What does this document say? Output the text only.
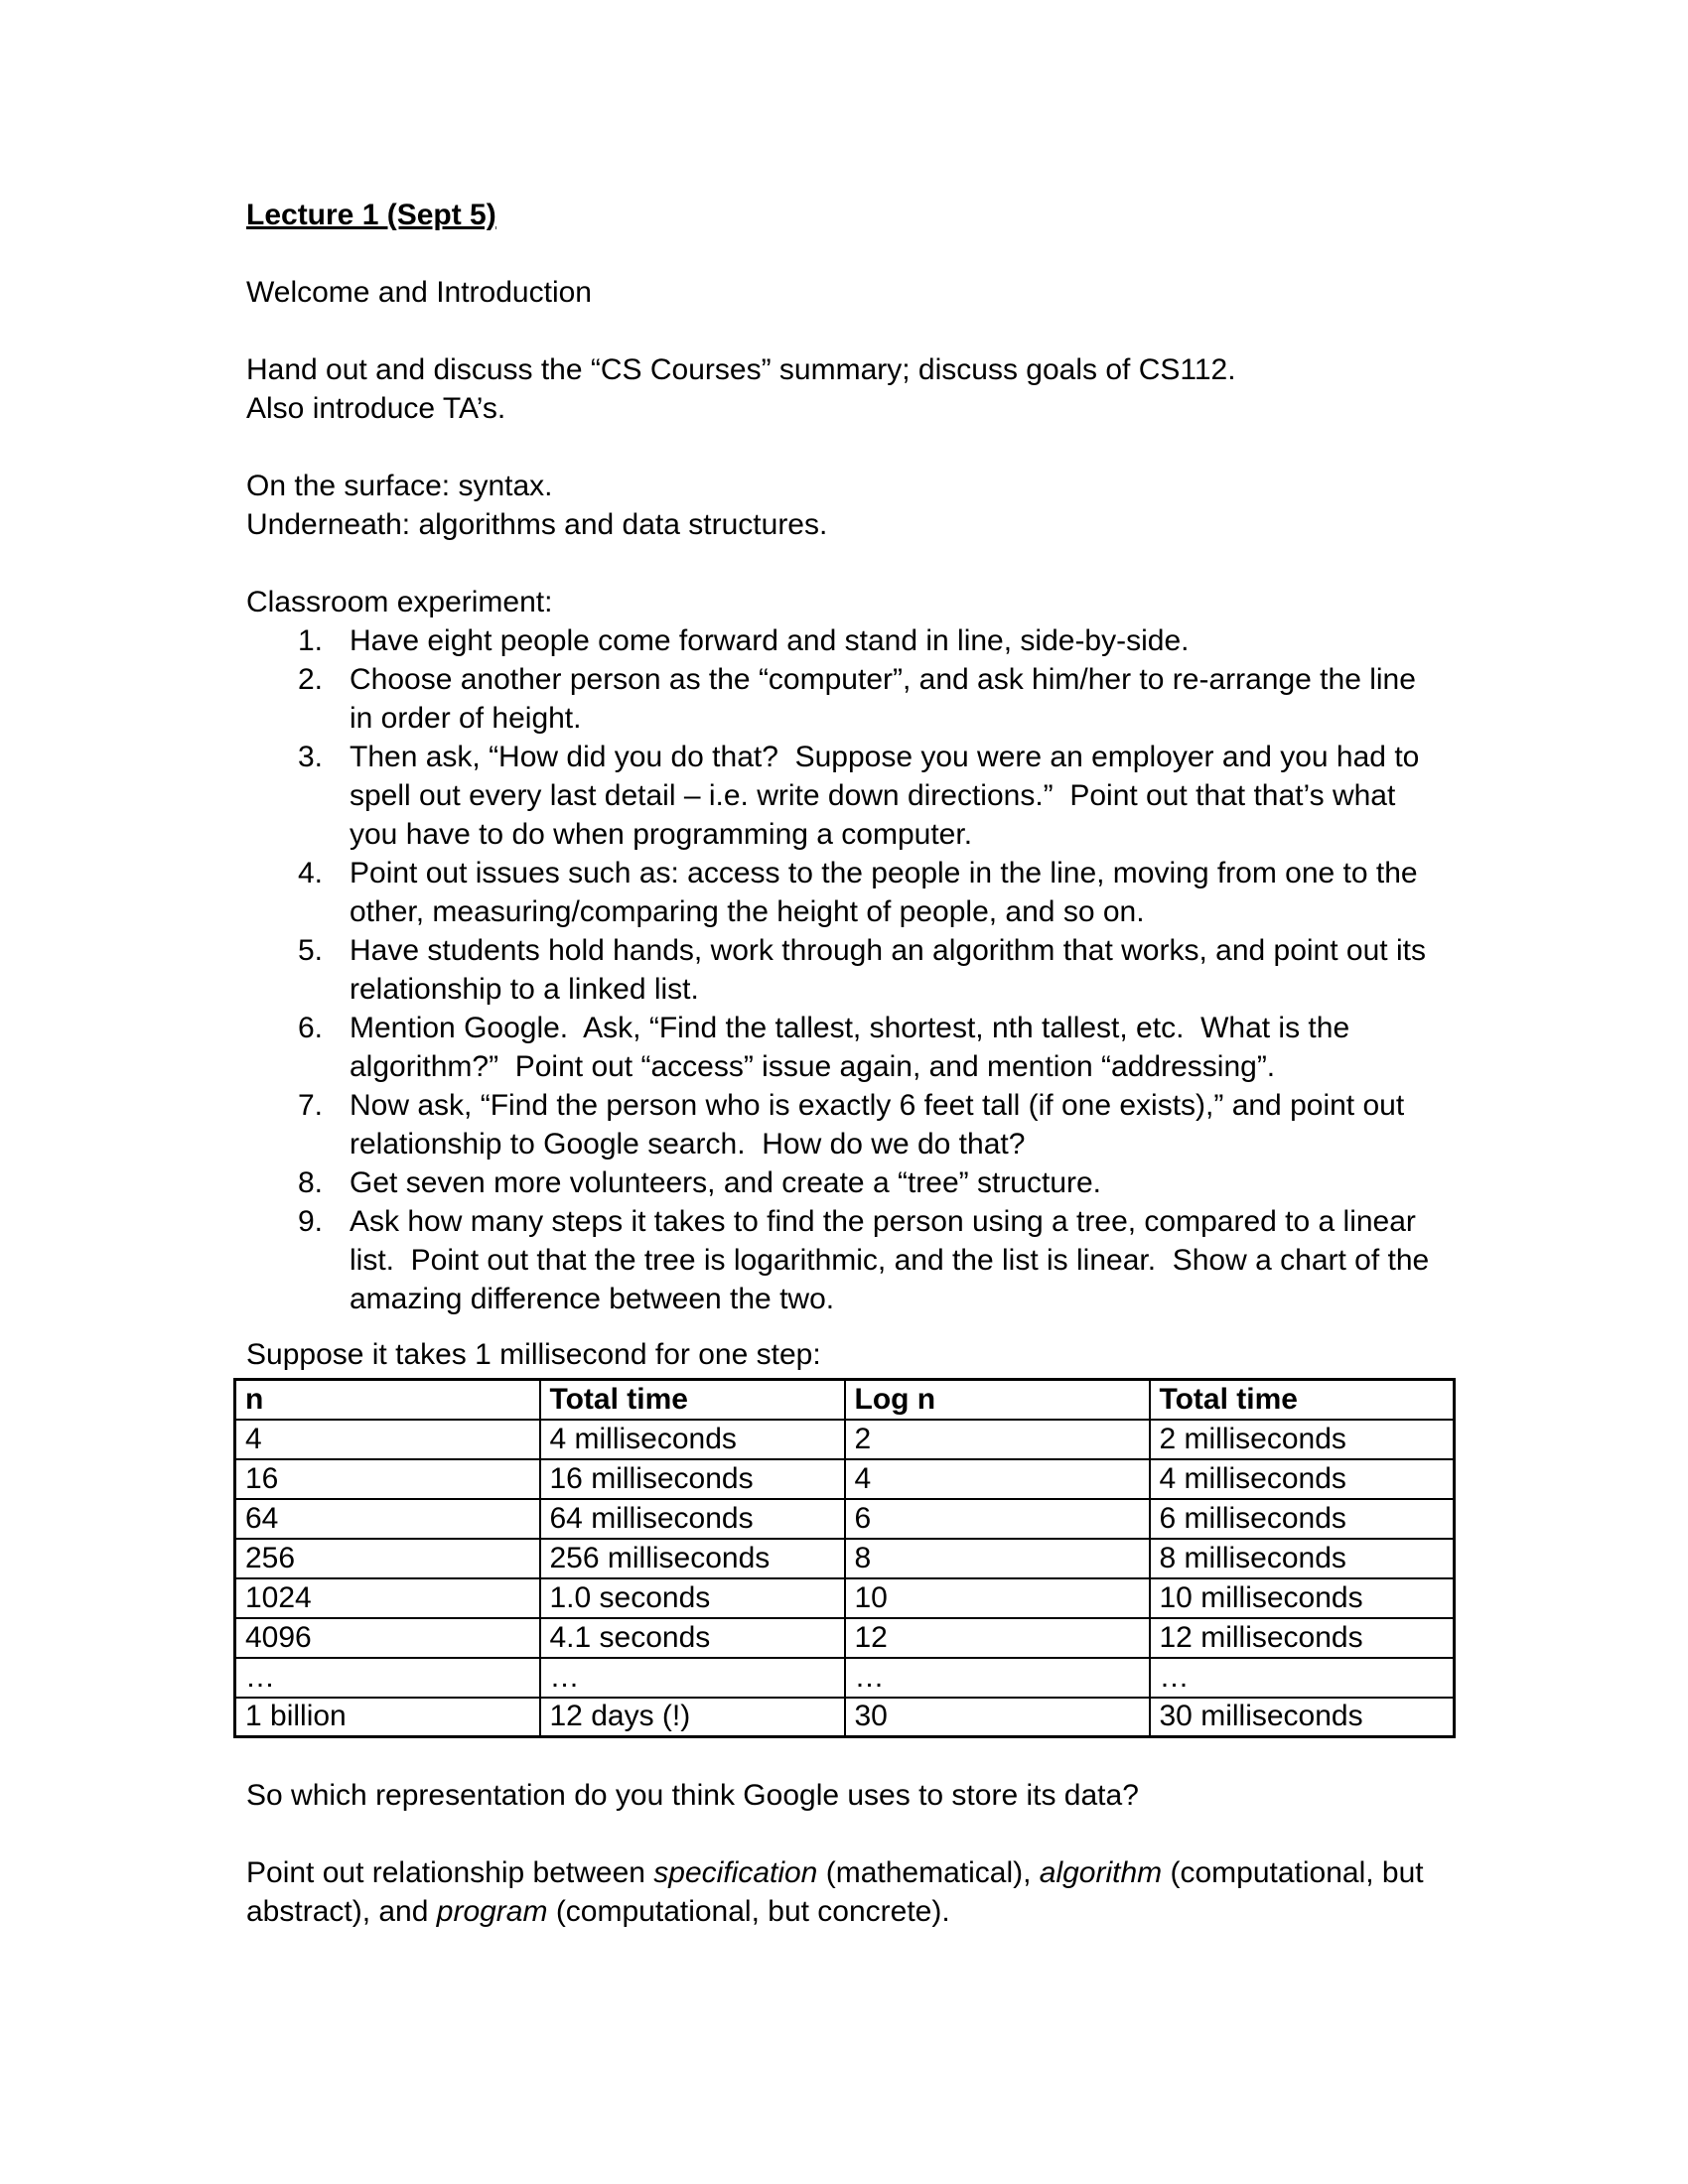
Lecture 1 (Sept 5)
Welcome and Introduction
Hand out and discuss the “CS Courses” summary; discuss goals of CS112.
Also introduce TA’s.
On the surface: syntax.
Underneath: algorithms and data structures.
Classroom experiment:
1. Have eight people come forward and stand in line, side-by-side.
2. Choose another person as the “computer”, and ask him/her to re-arrange the line in order of height.
3. Then ask, “How did you do that?  Suppose you were an employer and you had to spell out every last detail – i.e. write down directions.”  Point out that that’s what you have to do when programming a computer.
4. Point out issues such as: access to the people in the line, moving from one to the other, measuring/comparing the height of people, and so on.
5. Have students hold hands, work through an algorithm that works, and point out its relationship to a linked list.
6. Mention Google.  Ask, “Find the tallest, shortest, nth tallest, etc.  What is the algorithm?”  Point out “access” issue again, and mention “addressing”.
7. Now ask, “Find the person who is exactly 6 feet tall (if one exists),” and point out relationship to Google search.  How do we do that?
8. Get seven more volunteers, and create a “tree” structure.
9. Ask how many steps it takes to find the person using a tree, compared to a linear list.  Point out that the tree is logarithmic, and the list is linear.  Show a chart of the amazing difference between the two.
Suppose it takes 1 millisecond for one step:
n	Total time	Log n	Total time
4	4 milliseconds	2	2 milliseconds
16	16 milliseconds	4	4 milliseconds
64	64 milliseconds	6	6 milliseconds
256	256 milliseconds	8	8 milliseconds
1024	1.0 seconds	10	10 milliseconds
4096	4.1 seconds	12	12 milliseconds
…	…	…	…
1 billion	12 days (!)	30	30 milliseconds
So which representation do you think Google uses to store its data?
Point out relationship between specification (mathematical), algorithm (computational, but abstract), and program (computational, but concrete).
